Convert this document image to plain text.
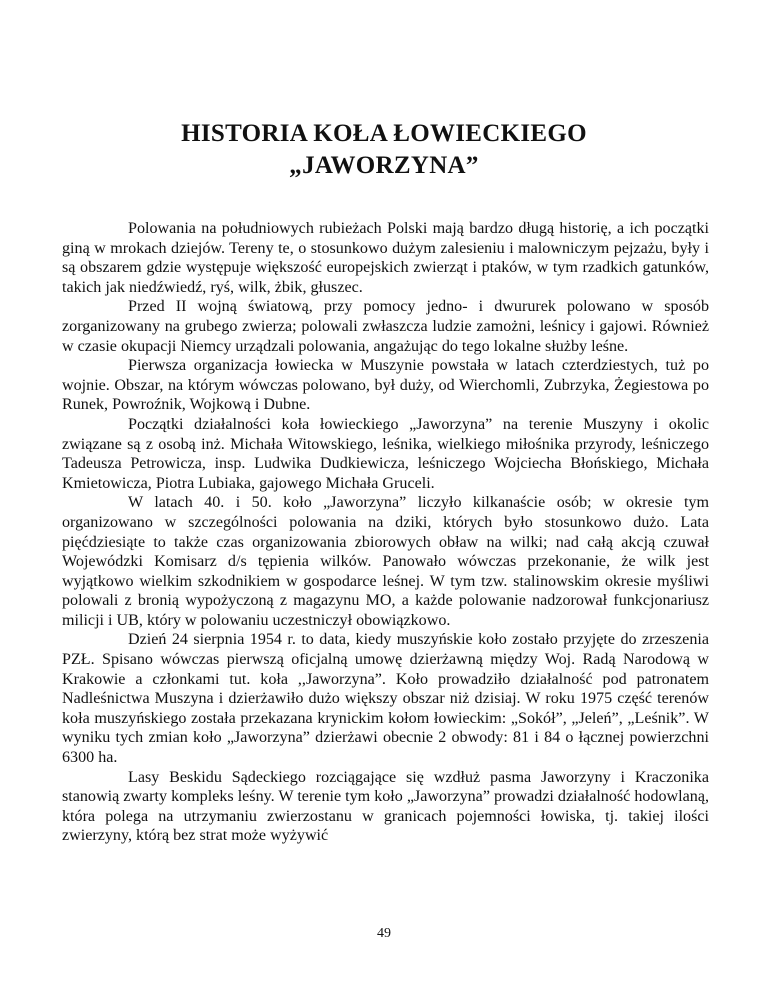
HISTORIA KOŁA ŁOWIECKIEGO
„JAWORZYNA”

Polowania na południowych rubieżach Polski mają bardzo długą historię, a ich początki giną w mrokach dziejów. Tereny te, o stosunkowo dużym zalesieniu i malowniczym pejzażu, były i są obszarem gdzie występuje większość europejskich zwierząt i ptaków, w tym rzadkich gatunków, takich jak niedźwiedź, ryś, wilk, żbik, głuszec.

Przed II wojną światową, przy pomocy jedno- i dwururek polowano w sposób zorganizowany na grubego zwierza; polowali zwłaszcza ludzie zamożni, leśnicy i gajowi. Również w czasie okupacji Niemcy urządzali polowania, angażując do tego lokalne służby leśne.

Pierwsza organizacja łowiecka w Muszynie powstała w latach czterdziestych, tuż po wojnie. Obszar, na którym wówczas polowano, był duży, od Wierchomli, Zubrzyka, Żegiestowa po Runek, Powroźnik, Wojkową i Dubne.

Początki działalności koła łowieckiego „Jaworzyna” na terenie Muszyny i okolic związane są z osobą inż. Michała Witowskiego, leśnika, wielkiego miłośnika przyrody, leśniczego Tadeusza Petrowicza, insp. Ludwika Dudkiewicza, leśniczego Wojciecha Błońskiego, Michała Kmietowicza, Piotra Lubiaka, gajowego Michała Gruceli.

W latach 40. i 50. koło „Jaworzyna” liczyło kilkanaście osób; w okresie tym organizowano w szczególności polowania na dziki, których było stosunkowo dużo. Lata pięćdziesiąte to także czas organizowania zbiorowych obław na wilki; nad całą akcją czuwał Wojewódzki Komisarz d/s tępienia wilków. Panowało wówczas przekonanie, że wilk jest wyjątkowo wielkim szkodnikiem w gospodarce leśnej. W tym tzw. stalinowskim okresie myśliwi polowali z bronią wypożyczoną z magazynu MO, a każde polowanie nadzorował funkcjonariusz milicji i UB, który w polowaniu uczestniczył obowiązkowo.

Dzień 24 sierpnia 1954 r. to data, kiedy muszyńskie koło zostało przyjęte do zrzeszenia PZŁ. Spisano wówczas pierwszą oficjalną umowę dzierżawną między Woj. Radą Narodową w Krakowie a członkami tut. koła ,,Jaworzyna”. Koło prowadziło działalność pod patronatem Nadleśnictwa Muszyna i dzierżawiło dużo większy obszar niż dzisiaj. W roku 1975 część terenów koła muszyńskiego została przekazana krynickim kołom łowieckim: „Sokół”, „Jeleń”, „Leśnik”. W wyniku tych zmian koło „Jaworzyna” dzierżawi obecnie 2 obwody: 81 i 84 o łącznej powierzchni 6300 ha.

Lasy Beskidu Sądeckiego rozciągające się wzdłuż pasma Jaworzyny i Kraczonika stanowią zwarty kompleks leśny. W terenie tym koło „Jaworzyna” prowadzi działalność hodowlaną, która polega na utrzymaniu zwierzostanu w granicach pojemności łowiska, tj. takiej ilości zwierzyny, którą bez strat może wyżywić

49
